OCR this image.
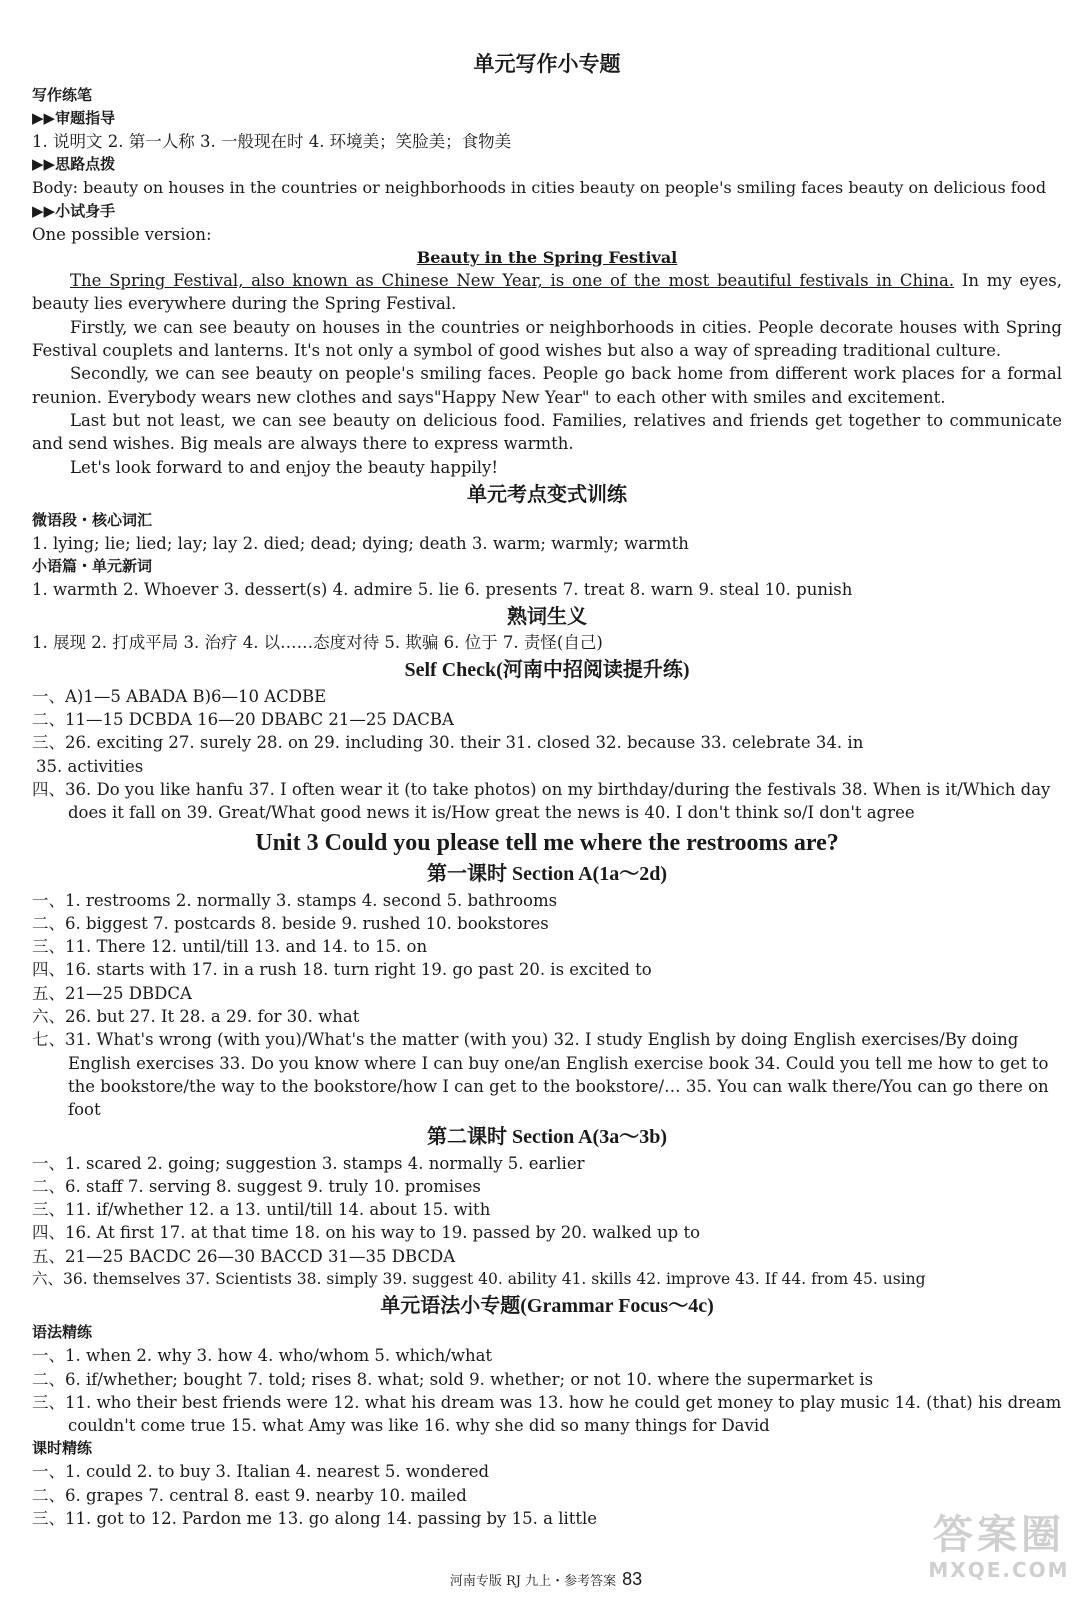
单元写作小专题
写作练笔
▶▶审题指导
1. 说明文 2. 第一人称 3. 一般现在时 4. 环境美；笑脸美；食物美
▶▶思路点拨
Body: beauty on houses in the countries or neighborhoods in cities beauty on people's smiling faces beauty on delicious food
▶▶小试身手
One possible version:
Beauty in the Spring Festival
The Spring Festival, also known as Chinese New Year, is one of the most beautiful festivals in China. In my eyes, beauty lies everywhere during the Spring Festival.
Firstly, we can see beauty on houses in the countries or neighborhoods in cities. People decorate houses with Spring Festival couplets and lanterns. It's not only a symbol of good wishes but also a way of spreading traditional culture.
Secondly, we can see beauty on people's smiling faces. People go back home from different work places for a formal reunion. Everybody wears new clothes and says"Happy New Year" to each other with smiles and excitement.
Last but not least, we can see beauty on delicious food. Families, relatives and friends get together to communicate and send wishes. Big meals are always there to express warmth.
Let's look forward to and enjoy the beauty happily!
单元考点变式训练
微语段・核心词汇
1. lying; lie; lied; lay; lay 2. died; dead; dying; death 3. warm; warmly; warmth
小语篇・单元新词
1. warmth 2. Whoever 3. dessert(s) 4. admire 5. lie 6. presents 7. treat 8. warn 9. steal 10. punish
熟词生义
1. 展现 2. 打成平局 3. 治疗 4. 以……态度对待 5. 欺骗 6. 位于 7. 责怪(自己)
Self Check(河南中招阅读提升练)
一、A)1—5 ABADA B)6—10 ACDBE
二、11—15 DCBDA 16—20 DBABC 21—25 DACBA
三、26. exciting 27. surely 28. on 29. including 30. their 31. closed 32. because 33. celebrate 34. in
35. activities
四、36. Do you like hanfu 37. I often wear it (to take photos) on my birthday/during the festivals 38. When is it/Which day does it fall on 39. Great/What good news it is/How great the news is 40. I don't think so/I don't agree
Unit 3 Could you please tell me where the restrooms are?
第一课时 Section A(1a～2d)
一、1. restrooms 2. normally 3. stamps 4. second 5. bathrooms
二、6. biggest 7. postcards 8. beside 9. rushed 10. bookstores
三、11. There 12. until/till 13. and 14. to 15. on
四、16. starts with 17. in a rush 18. turn right 19. go past 20. is excited to
五、21—25 DBDCA
六、26. but 27. It 28. a 29. for 30. what
七、31. What's wrong (with you)/What's the matter (with you) 32. I study English by doing English exercises/By doing English exercises 33. Do you know where I can buy one/an English exercise book 34. Could you tell me how to get to the bookstore/the way to the bookstore/how I can get to the bookstore/… 35. You can walk there/You can go there on foot
第二课时 Section A(3a～3b)
一、1. scared 2. going; suggestion 3. stamps 4. normally 5. earlier
二、6. staff 7. serving 8. suggest 9. truly 10. promises
三、11. if/whether 12. a 13. until/till 14. about 15. with
四、16. At first 17. at that time 18. on his way to 19. passed by 20. walked up to
五、21—25 BACDC 26—30 BACCD 31—35 DBCDA
六、36. themselves 37. Scientists 38. simply 39. suggest 40. ability 41. skills 42. improve 43. If 44. from 45. using
单元语法小专题(Grammar Focus～4c)
语法精练
一、1. when 2. why 3. how 4. who/whom 5. which/what
二、6. if/whether; bought 7. told; rises 8. what; sold 9. whether; or not 10. where the supermarket is
三、11. who their best friends were 12. what his dream was 13. how he could get money to play music 14. (that) his dream couldn't come true 15. what Amy was like 16. why she did so many things for David
课时精练
一、1. could 2. to buy 3. Italian 4. nearest 5. wondered
二、6. grapes 7. central 8. east 9. nearby 10. mailed
三、11. got to 12. Pardon me 13. go along 14. passing by 15. a little
河南专版 RJ 九上・参考答案 83
答案圈
MXQE.COM
